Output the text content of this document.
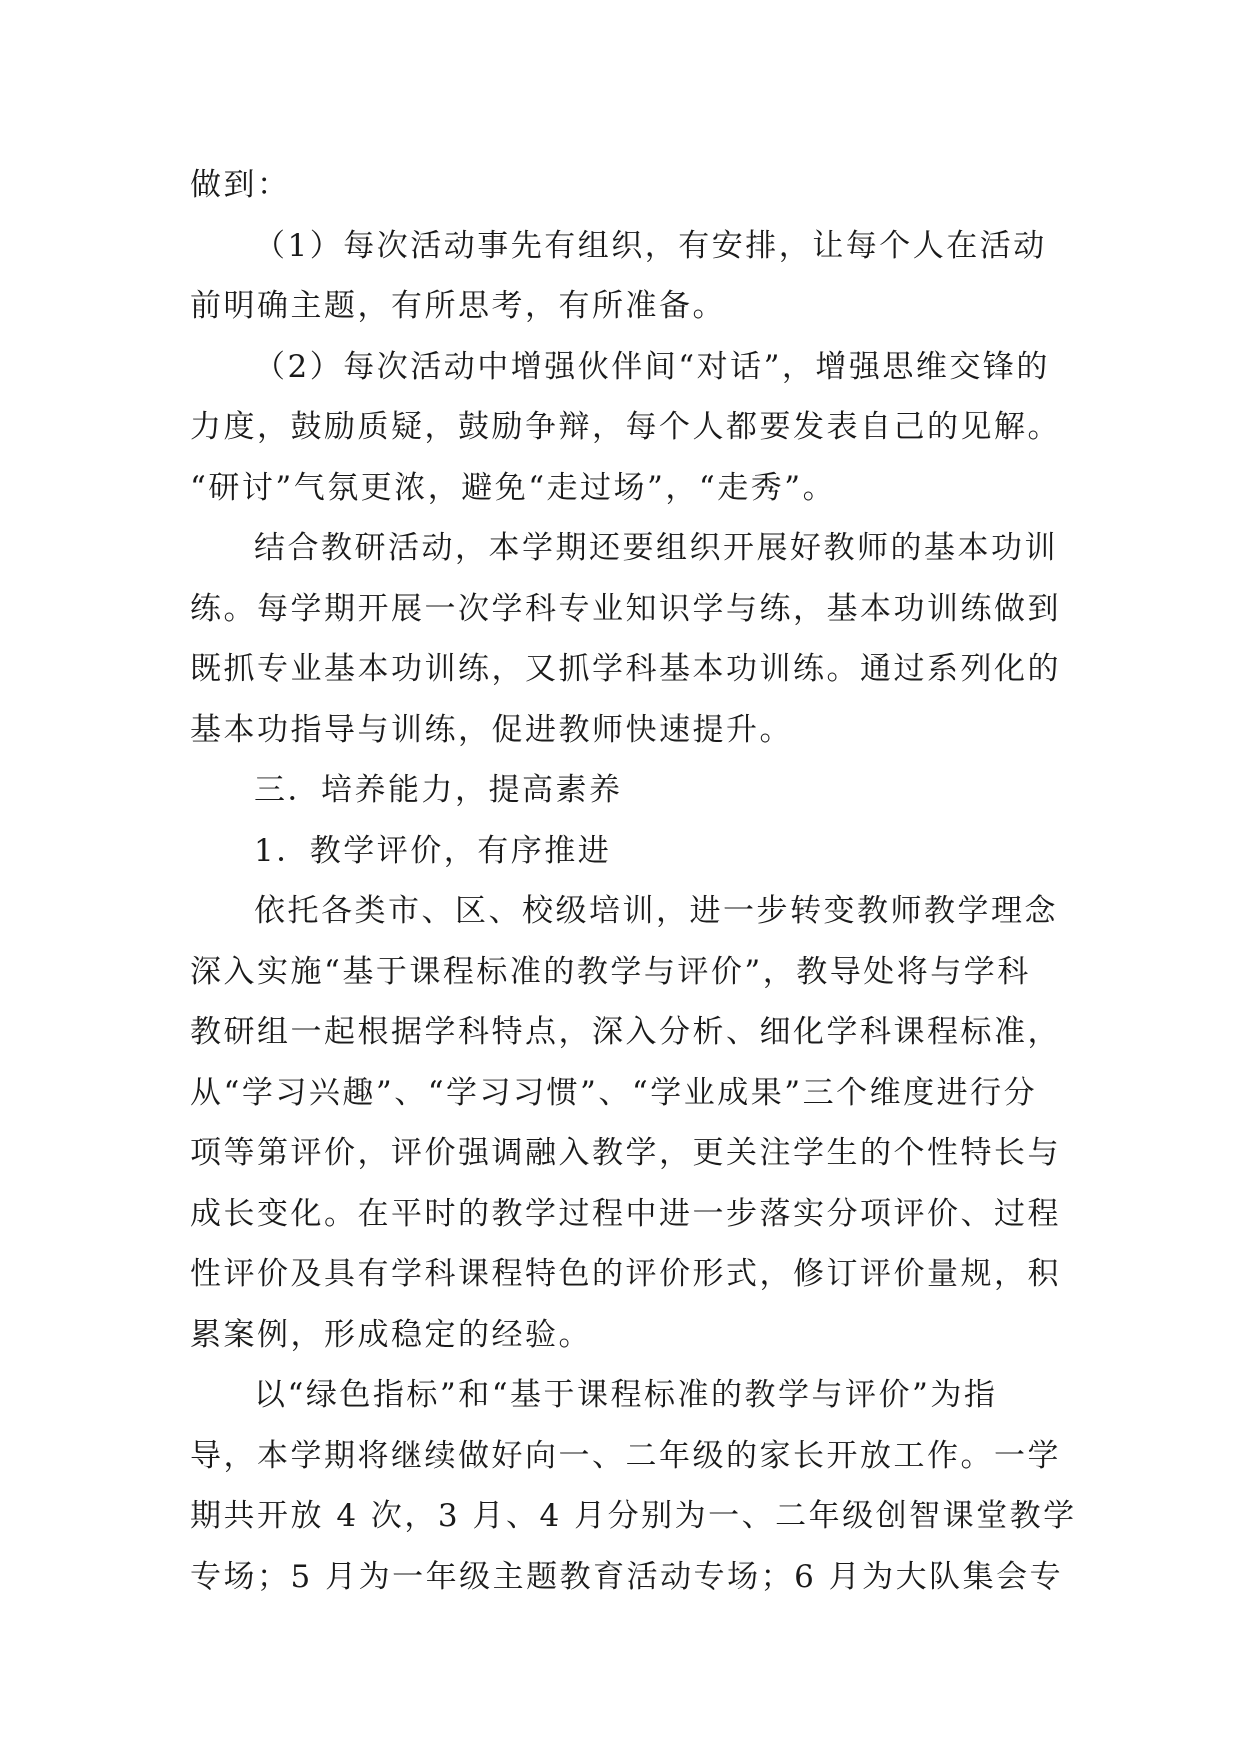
做到：
（1）每次活动事先有组织，有安排，让每个人在活动
前明确主题，有所思考，有所准备。
（2）每次活动中增强伙伴间“对话”，增强思维交锋的
力度，鼓励质疑，鼓励争辩，每个人都要发表自己的见解。
“研讨”气氛更浓，避免“走过场”，“走秀”。
结合教研活动，本学期还要组织开展好教师的基本功训
练。每学期开展一次学科专业知识学与练，基本功训练做到
既抓专业基本功训练，又抓学科基本功训练。通过系列化的
基本功指导与训练，促进教师快速提升。
三．培养能力，提高素养
1．教学评价，有序推进
依托各类市、区、校级培训，进一步转变教师教学理念
深入实施“基于课程标准的教学与评价”，教导处将与学科
教研组一起根据学科特点，深入分析、细化学科课程标准，
从“学习兴趣”、“学习习惯”、“学业成果”三个维度进行分
项等第评价，评价强调融入教学，更关注学生的个性特长与
成长变化。在平时的教学过程中进一步落实分项评价、过程
性评价及具有学科课程特色的评价形式，修订评价量规，积
累案例，形成稳定的经验。
以“绿色指标”和“基于课程标准的教学与评价”为指
导，本学期将继续做好向一、二年级的家长开放工作。一学
期共开放 4 次，3 月、4 月分别为一、二年级创智课堂教学
专场；5 月为一年级主题教育活动专场；6 月为大队集会专
